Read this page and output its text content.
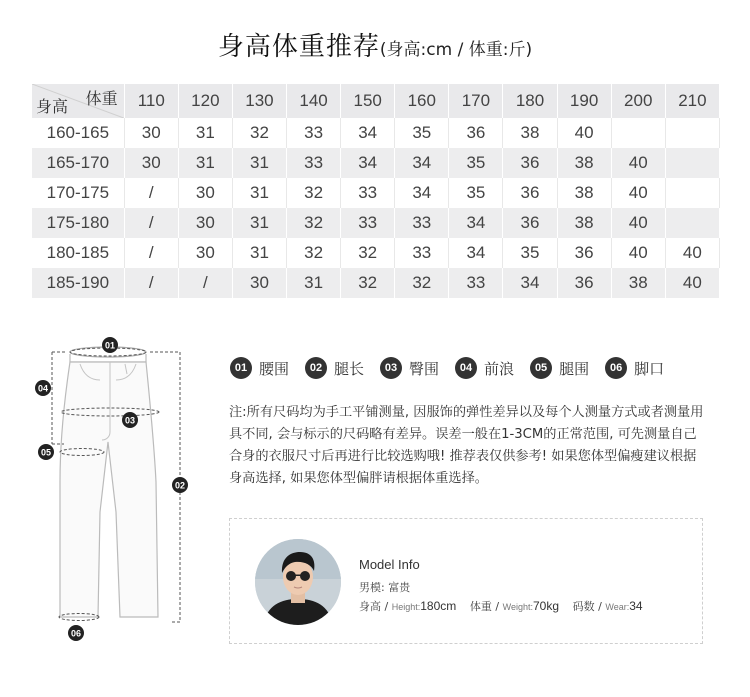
身高体重推荐(身高:cm / 体重:斤)
体重
身高	110	120	130	140	150	160	170	180	190	200	210
160-165	30	31	32	33	34	35	36	38	40		
165-170	30	31	31	33	34	34	35	36	38	40	
170-175	/	30	31	32	33	34	35	36	38	40	
175-180	/	30	31	32	33	33	34	36	38	40	
180-185	/	30	31	32	32	33	34	35	36	40	40
185-190	/	/	30	31	32	32	33	34	36	38	40
01
02
03
04
05
06
01 腰围	02 腿长	03 臀围	04 前浪	05 腿围	06 脚口

注:所有尺码均为手工平铺测量, 因服饰的弹性差异以及每个人测量方式或者测量用具不同, 会与标示的尺码略有差异。误差一般在1-3CM的正常范围, 可先测量自己合身的衣服尺寸后再进行比较选购哦! 推荐表仅供参考! 如果您体型偏瘦建议根据身高选择, 如果您体型偏胖请根据体重选择。

Model Info
男模: 富贵
身高 / Height:180cm 体重 / Weight:70kg 码数 / Wear:34
